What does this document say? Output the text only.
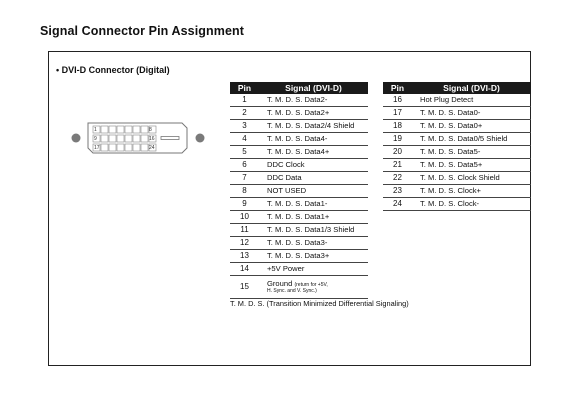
Signal Connector Pin Assignment
• DVI-D Connector (Digital)
1	8
9	16
17	24
Pin	Signal (DVI-D)
1	T. M. D. S. Data2-
2	T. M. D. S. Data2+
3	T. M. D. S. Data2/4 Shield
4	T. M. D. S. Data4-
5	T. M. D. S. Data4+
6	DDC Clock
7	DDC Data
8	NOT USED
9	T. M. D. S. Data1-
10	T. M. D. S. Data1+
11	T. M. D. S. Data1/3 Shield
12	T. M. D. S. Data3-
13	T. M. D. S. Data3+
14	+5V Power
15	Ground (return for +5V,
H. Sync. and V. Sync.)
Pin	Signal (DVI-D)
16	Hot Plug Detect
17	T. M. D. S. Data0-
18	T. M. D. S. Data0+
19	T. M. D. S. Data0/5 Shield
20	T. M. D. S. Data5-
21	T. M. D. S. Data5+
22	T. M. D. S. Clock Shield
23	T. M. D. S. Clock+
24	T. M. D. S. Clock-
T. M. D. S. (Transition Minimized Differential Signaling)
